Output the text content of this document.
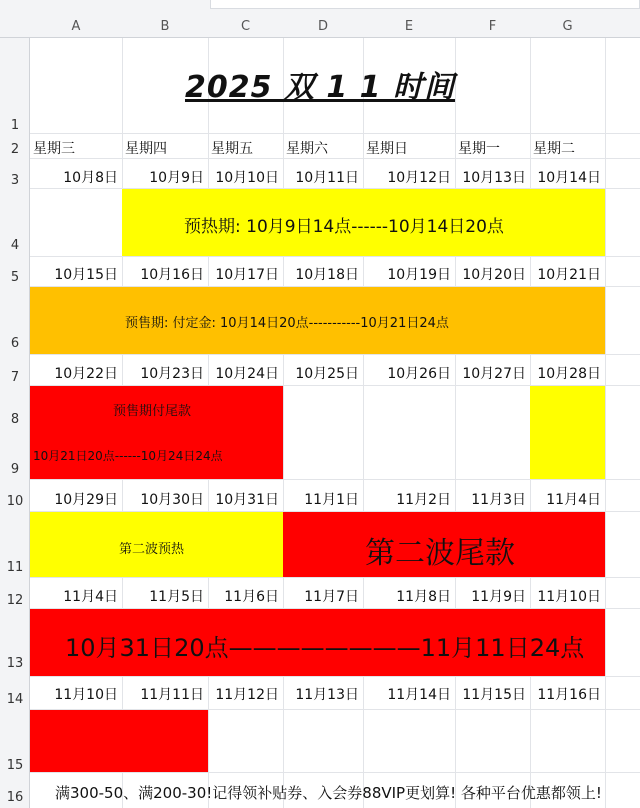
A	B	C	D	E	F	G
1
2
3
4
5
6
7
8
9
10
11
12
13
14
15
16
2025 双 1 1 时间
星期三	星期四	星期五 星期六	星期日	星期一 星期二
10月8日	10月9日 10月10日	10月11日	10月12日 10月13日 10月14日
10月15日	10月16日 10月17日	10月18日	10月19日 10月20日 10月21日
10月22日	10月23日 10月24日	10月25日	10月26日 10月27日 10月28日
10月29日	10月30日 10月31日	11月1日	11月2日	11月3日	11月4日
11月4日	11月5日	11月6日	11月7日	11月8日	11月9日 11月10日
11月10日	11月11日 11月12日	11月13日	11月14日 11月15日 11月16日
预热期: 10月9日14点------10月14日20点
预售期: 付定金: 10月14日20点-----------10月21日24点
预售期付尾款
10月21日20点------10月24日24点
第二波预热	第二波尾款
10月31日20点————————11月11日24点
满300-50、满200-30!记得领补贴券、入会券88VIP更划算! 各种平台优惠都领上!
